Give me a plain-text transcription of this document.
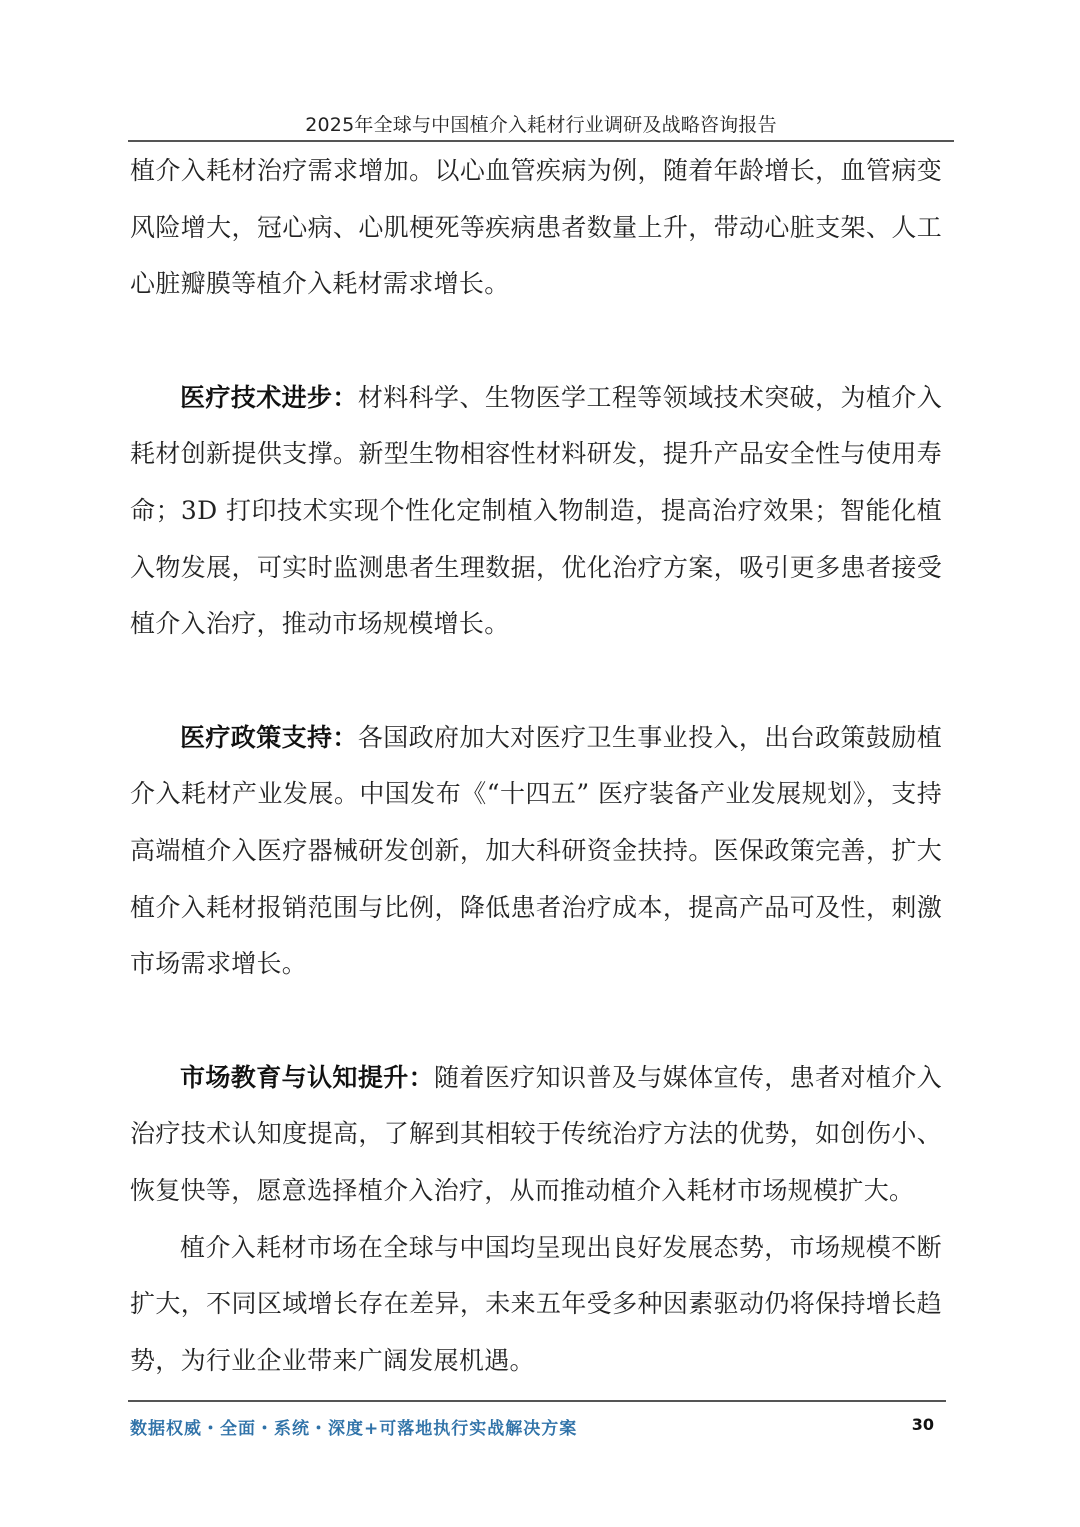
2025年全球与中国植介入耗材行业调研及战略咨询报告

植介入耗材治疗需求增加。以心血管疾病为例，随着年龄增长，血管病变风险增大，冠心病、心肌梗死等疾病患者数量上升，带动心脏支架、人工心脏瓣膜等植介入耗材需求增长。

医疗技术进步：材料科学、生物医学工程等领域技术突破，为植介入耗材创新提供支撑。新型生物相容性材料研发，提升产品安全性与使用寿命；3D 打印技术实现个性化定制植入物制造，提高治疗效果；智能化植入物发展，可实时监测患者生理数据，优化治疗方案，吸引更多患者接受植介入治疗，推动市场规模增长。

医疗政策支持：各国政府加大对医疗卫生事业投入，出台政策鼓励植介入耗材产业发展。中国发布《“十四五” 医疗装备产业发展规划》，支持高端植介入医疗器械研发创新，加大科研资金扶持。医保政策完善，扩大植介入耗材报销范围与比例，降低患者治疗成本，提高产品可及性，刺激市场需求增长。

市场教育与认知提升：随着医疗知识普及与媒体宣传，患者对植介入治疗技术认知度提高，了解到其相较于传统治疗方法的优势，如创伤小、恢复快等，愿意选择植介入治疗，从而推动植介入耗材市场规模扩大。

植介入耗材市场在全球与中国均呈现出良好发展态势，市场规模不断扩大，不同区域增长存在差异，未来五年受多种因素驱动仍将保持增长趋势，为行业企业带来广阔发展机遇。

数据权威・全面・系统・深度+可落地执行实战解决方案	30
